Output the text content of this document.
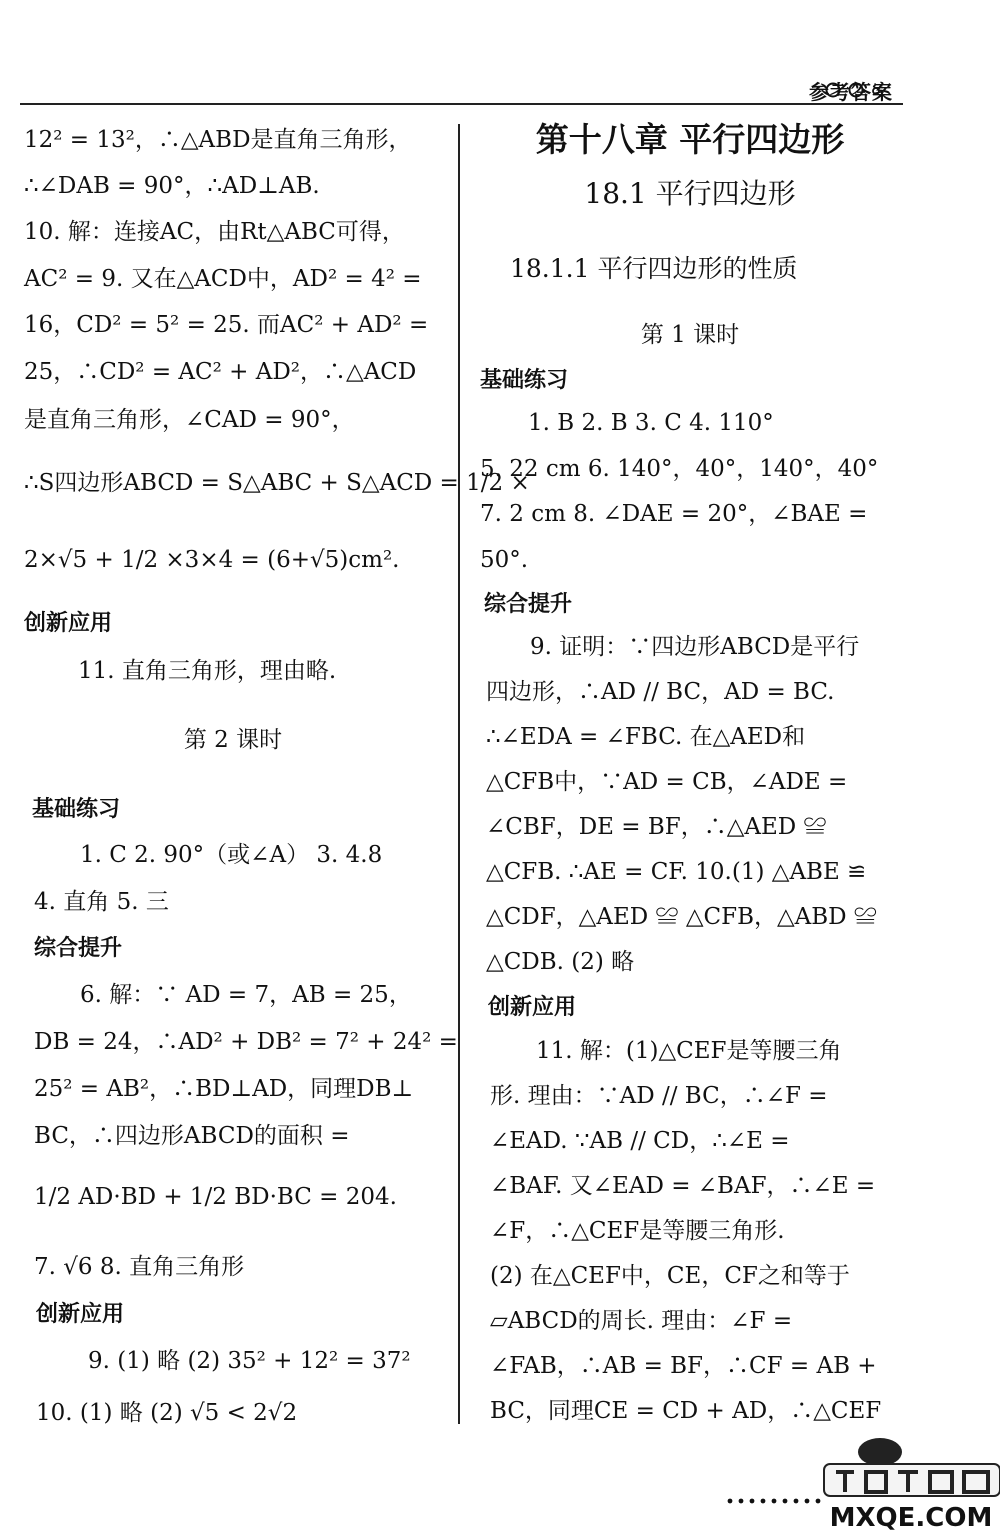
参考答案
12² = 13²，∴△ABD是直角三角形，
∴∠DAB = 90°，∴AD⊥AB.
10. 解：连接AC，由Rt△ABC可得，
AC² = 9. 又在△ACD中，AD² = 4² =
16，CD² = 5² = 25. 而AC² + AD² =
25，∴CD² = AC² + AD²，∴△ACD
是直角三角形，∠CAD = 90°，
∴S四边形ABCD = S△ABC + S△ACD = 1/2 ×
2×√5 + 1/2 ×3×4 = (6+√5)cm².
创新应用
11. 直角三角形，理由略.
第 2 课时
基础练习
1. C 2. 90°（或∠A） 3. 4.8
4. 直角 5. 三
综合提升
6. 解：∵ AD = 7，AB = 25，
DB = 24，∴AD² + DB² = 7² + 24² =
25² = AB²，∴BD⊥AD，同理DB⊥
BC，∴四边形ABCD的面积 =
1/2 AD·BD + 1/2 BD·BC = 204.
7. √6 8. 直角三角形
创新应用
9. (1) 略 (2) 35² + 12² = 37²
10. (1) 略 (2) √5 < 2√2
第十八章 平行四边形
18.1 平行四边形
18.1.1 平行四边形的性质
第 1 课时
基础练习
1. B 2. B 3. C 4. 110°
5. 22 cm 6. 140°，40°，140°，40°
7. 2 cm 8. ∠DAE = 20°，∠BAE =
50°.
综合提升
9. 证明：∵四边形ABCD是平行
四边形，∴AD // BC，AD = BC.
∴∠EDA = ∠FBC. 在△AED和
△CFB中，∵AD = CB，∠ADE =
∠CBF，DE = BF，∴△AED ≌
△CFB. ∴AE = CF. 10.(1) △ABE ≌
△CDF，△AED ≌ △CFB，△ABD ≌
△CDB. (2) 略
创新应用
11. 解：(1)△CEF是等腰三角
形. 理由：∵AD // BC，∴∠F =
∠EAD. ∵AB // CD，∴∠E =
∠BAF. 又∠EAD = ∠BAF，∴∠E =
∠F，∴△CEF是等腰三角形.
(2) 在△CEF中，CE，CF之和等于
▱ABCD的周长. 理由：∠F =
∠FAB，∴AB = BF，∴CF = AB +
BC，同理CE = CD + AD，∴△CEF
MXQE.COM
